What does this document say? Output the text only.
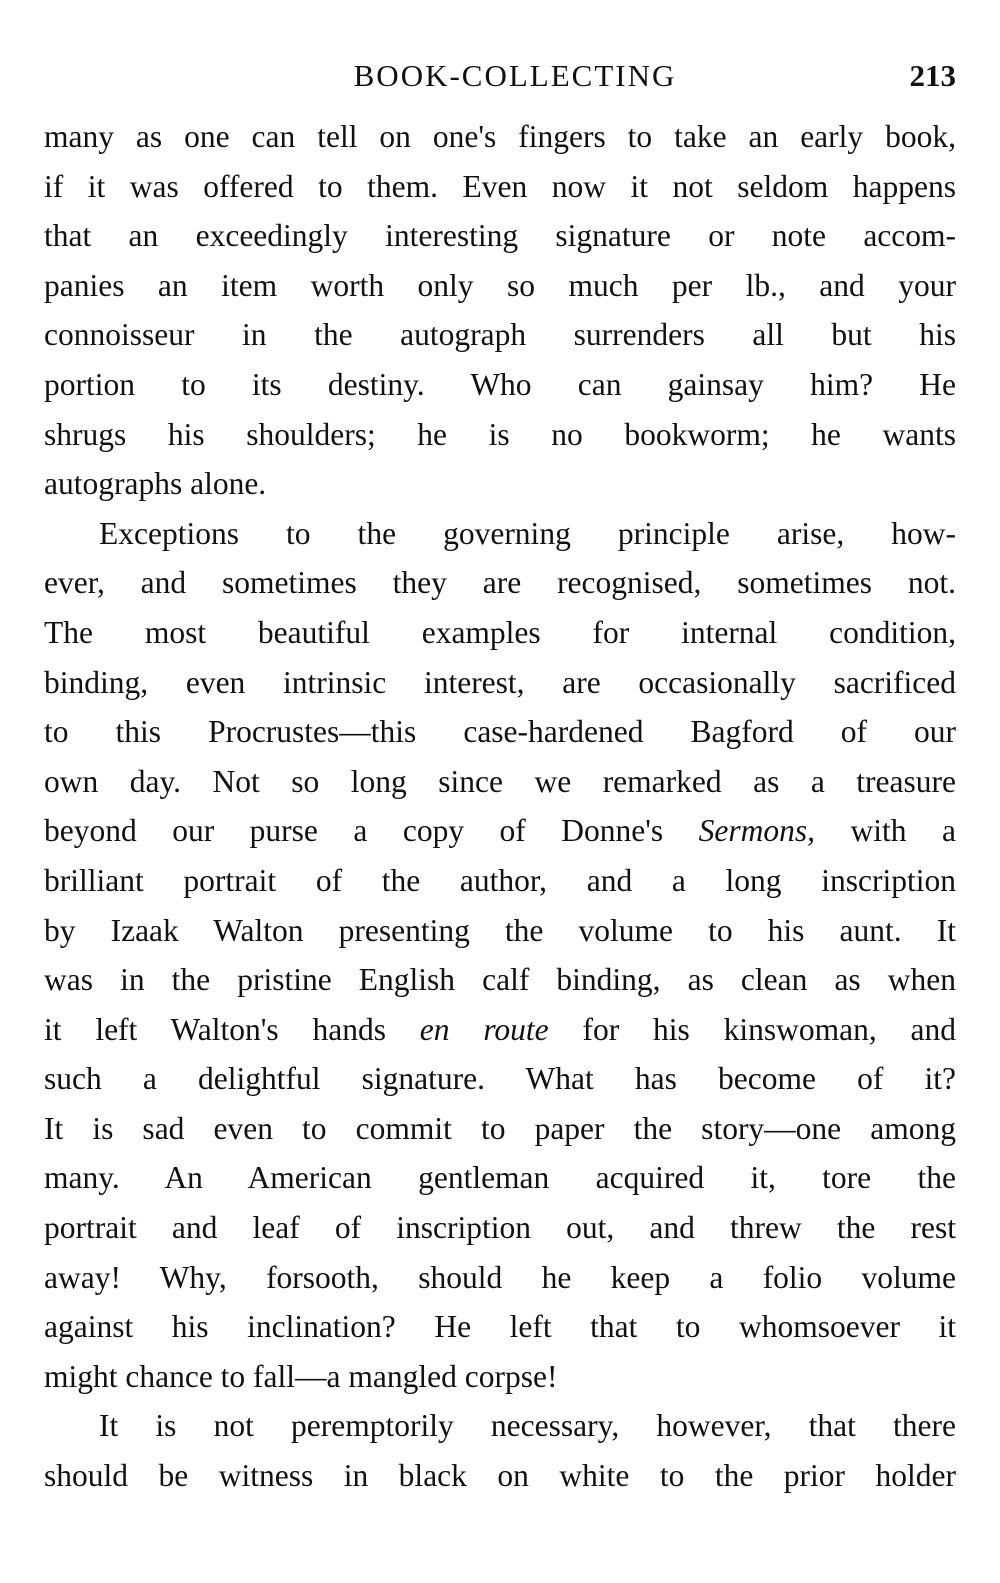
BOOK-COLLECTING	213

many as one can tell on one's fingers to take an early book,
if it was offered to them. Even now it not seldom happens
that an exceedingly interesting signature or note accom-
panies an item worth only so much per lb., and your
connoisseur in the autograph surrenders all but his
portion to its destiny. Who can gainsay him? He
shrugs his shoulders; he is no bookworm; he wants
autographs alone.

Exceptions to the governing principle arise, how-
ever, and sometimes they are recognised, sometimes not.
The most beautiful examples for internal condition,
binding, even intrinsic interest, are occasionally sacrificed
to this Procrustes—this case-hardened Bagford of our
own day. Not so long since we remarked as a treasure
beyond our purse a copy of Donne's Sermons, with a
brilliant portrait of the author, and a long inscription
by Izaak Walton presenting the volume to his aunt. It
was in the pristine English calf binding, as clean as when
it left Walton's hands en route for his kinswoman, and
such a delightful signature. What has become of it?
It is sad even to commit to paper the story—one among
many. An American gentleman acquired it, tore the
portrait and leaf of inscription out, and threw the rest
away! Why, forsooth, should he keep a folio volume
against his inclination? He left that to whomsoever it
might chance to fall—a mangled corpse!

It is not peremptorily necessary, however, that there
should be witness in black on white to the prior holder
